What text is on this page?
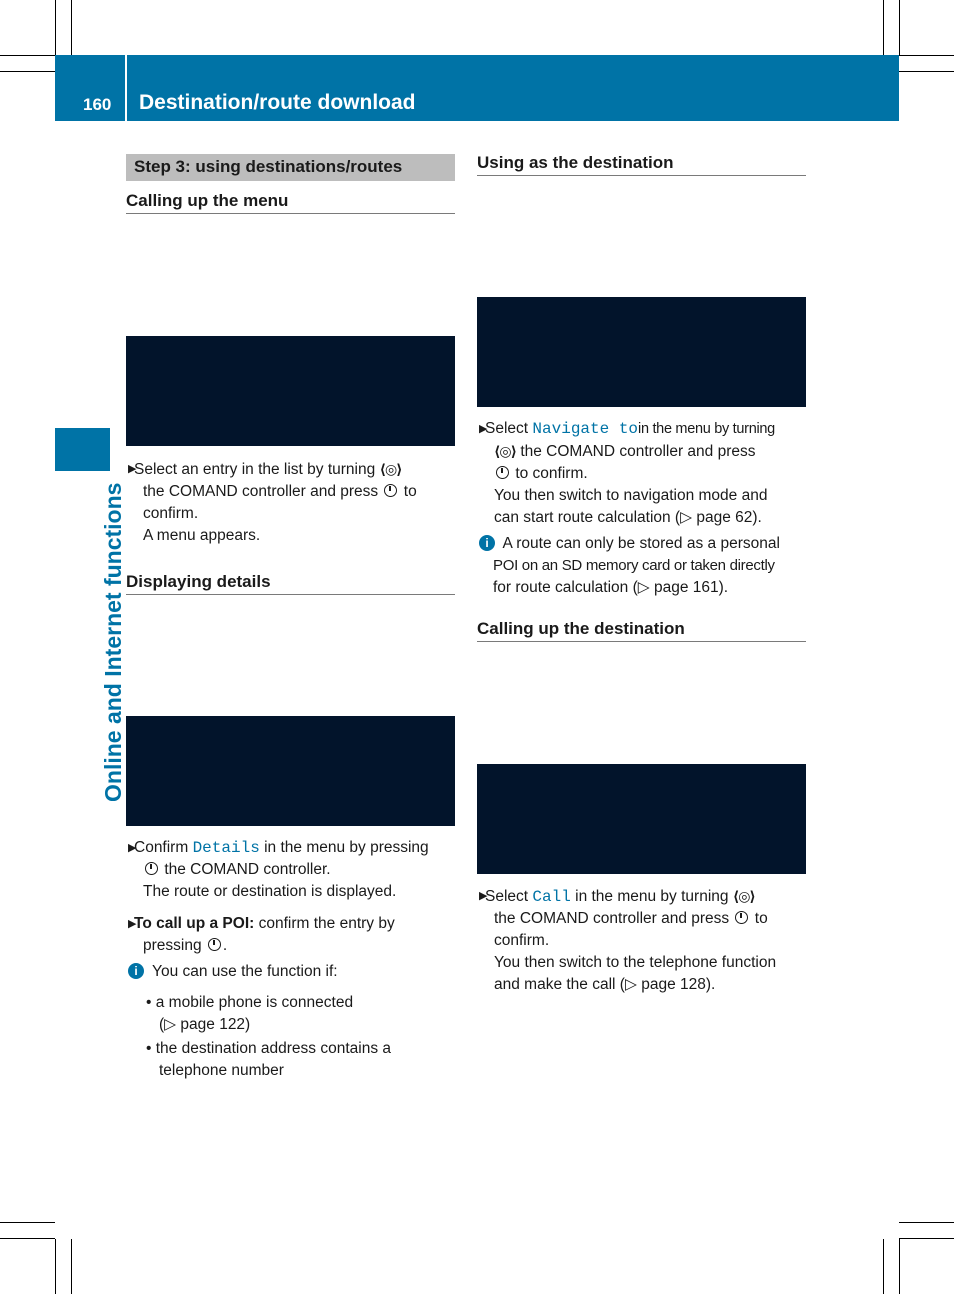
160 Destination/route download
Online and Internet functions
Step 3: using destinations/routes
Calling up the menu
▶
Select an entry in the list by turning ⟨◎⟩
the COMAND controller and press to
confirm.
A menu appears.
Displaying details
▶
Confirm Details in the menu by pressing
the COMAND controller.
The route or destination is displayed.
▶
To call up a POI: confirm the entry by
pressing .
i You can use the function if:
• a mobile phone is connected
(▷ page 122)
• the destination address contains a
telephone number
Using as the destination
▶
Select Navigate toin the menu by turning
⟨◎⟩ the COMAND controller and press
to confirm.
You then switch to navigation mode and
can start route calculation (▷ page 62).
i A route can only be stored as a personal
POI on an SD memory card or taken directly
for route calculation (▷ page 161).
Calling up the destination
▶
Select Call in the menu by turning ⟨◎⟩
the COMAND controller and press to
confirm.
You then switch to the telephone function
and make the call (▷ page 128).
